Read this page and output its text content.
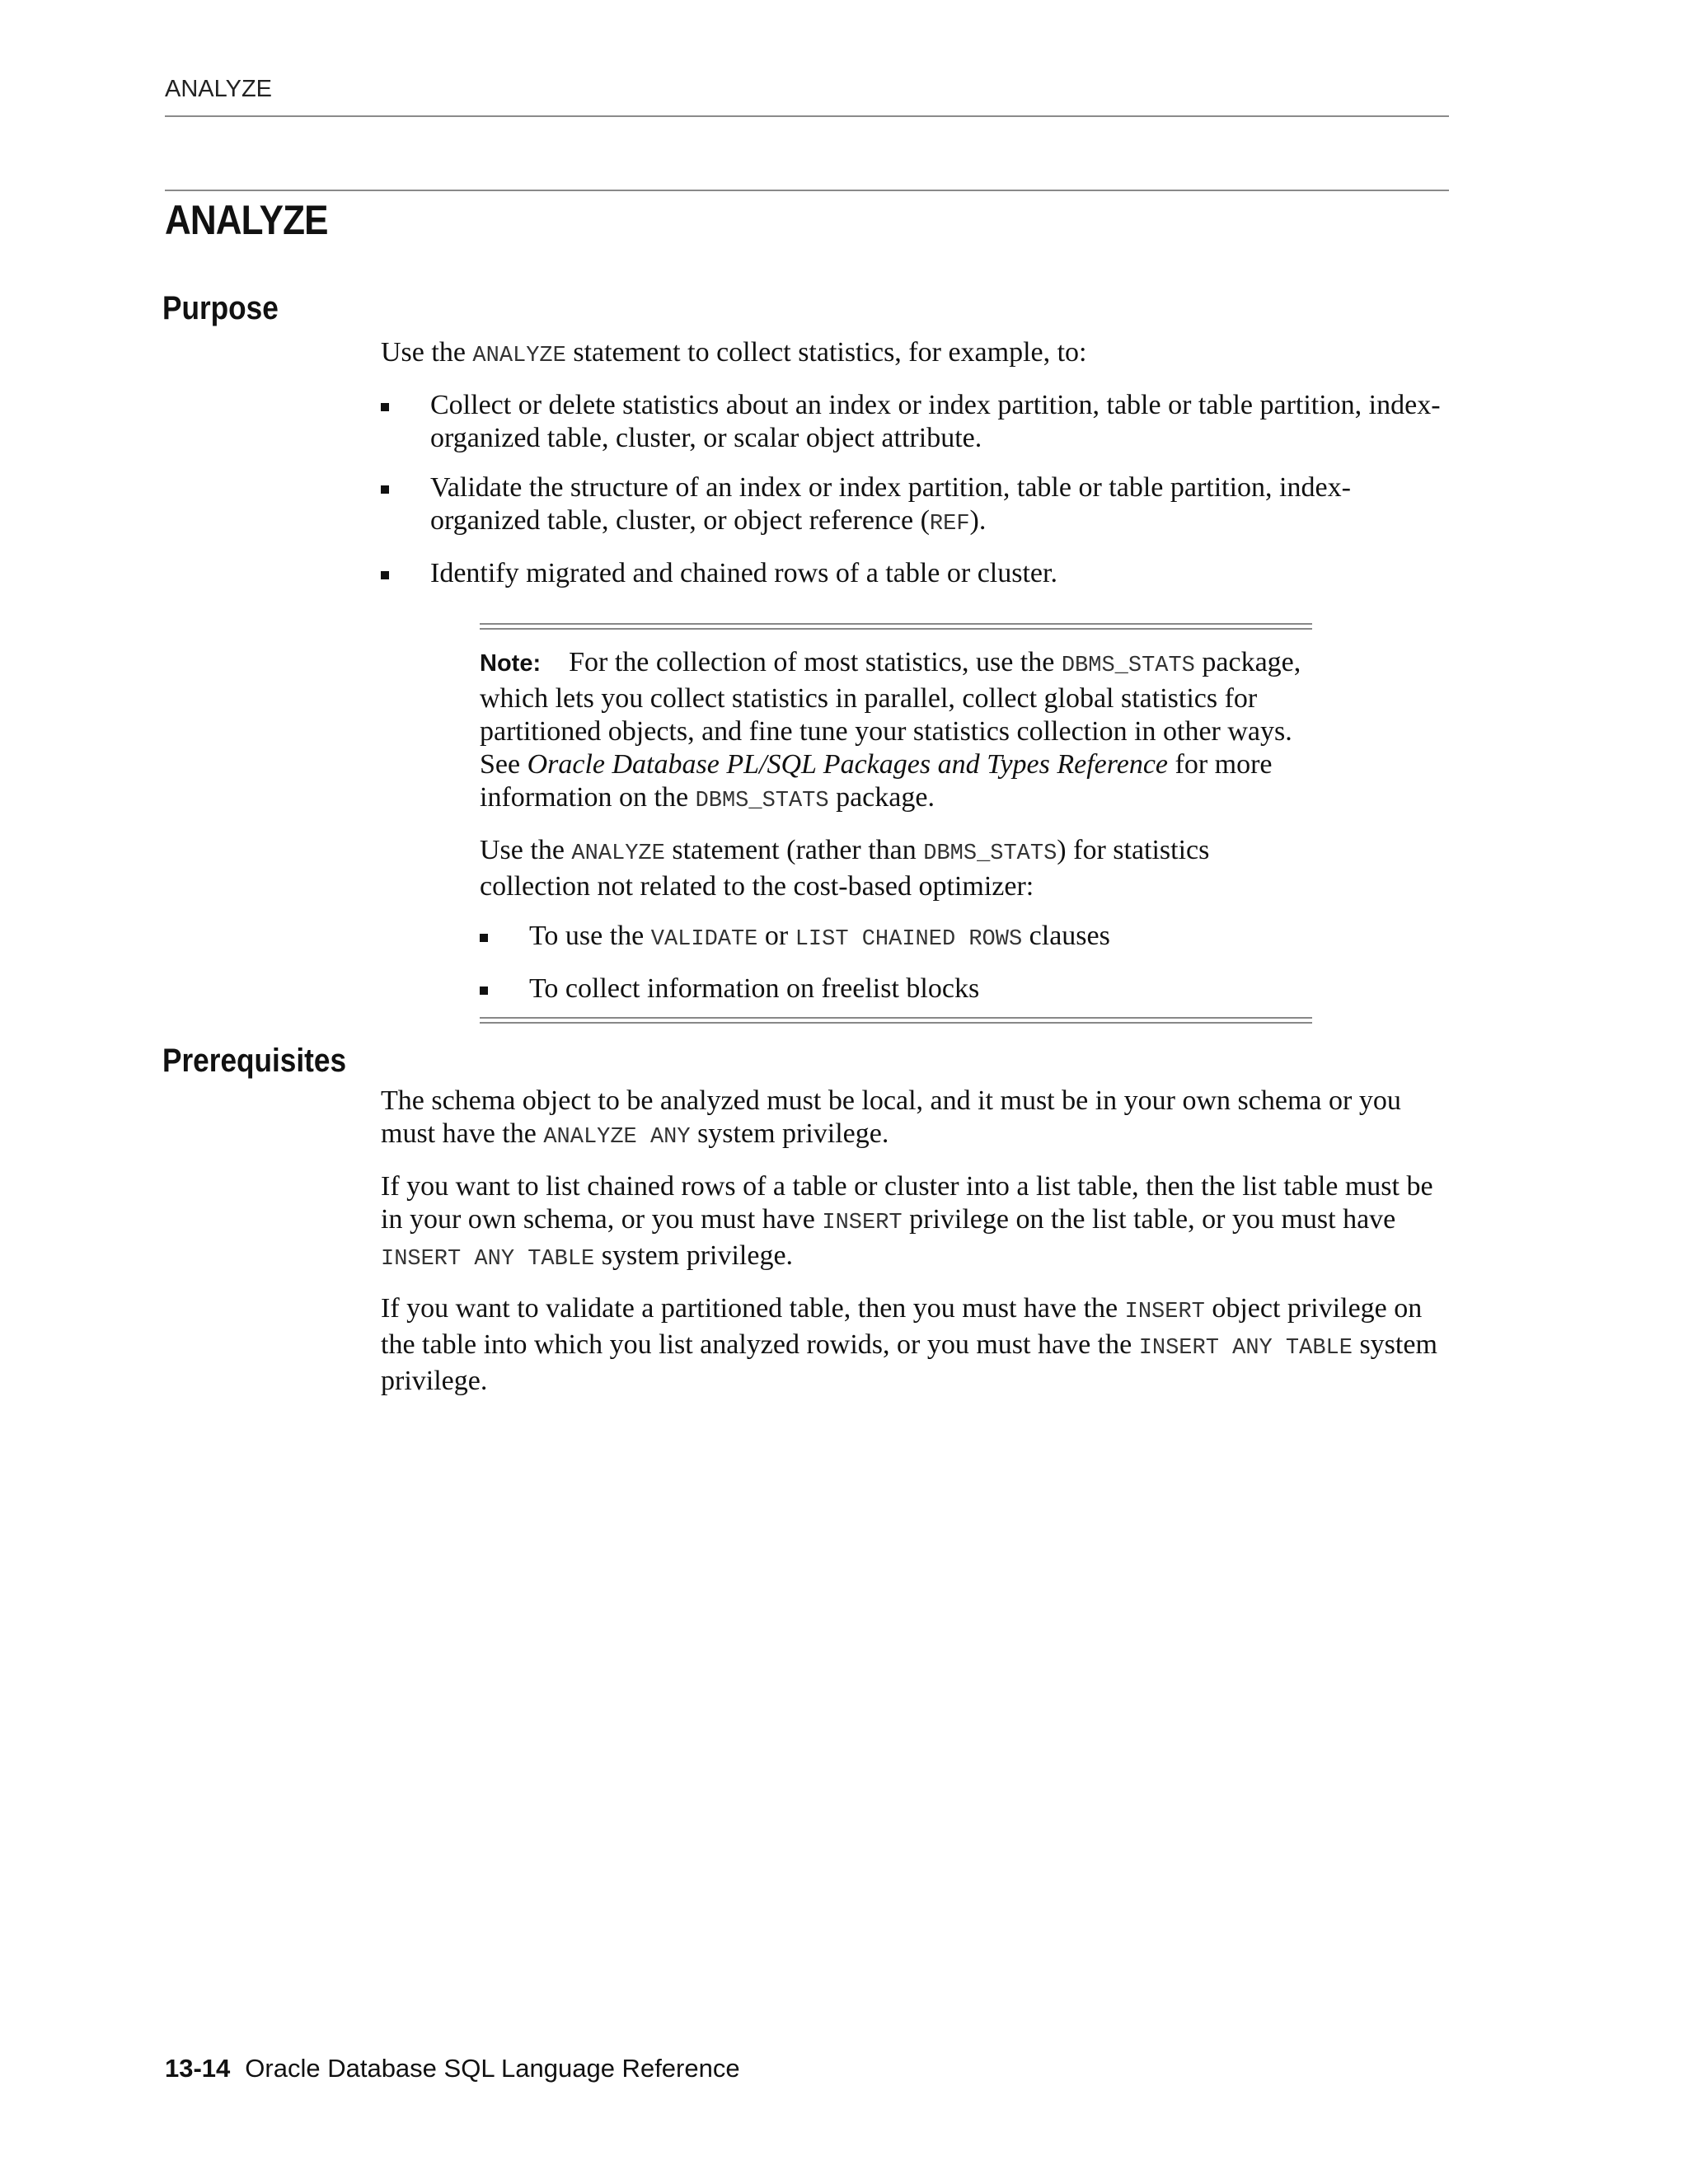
ANALYZE
ANALYZE
Purpose

Use the ANALYZE statement to collect statistics, for example, to:

Collect or delete statistics about an index or index partition, table or table partition, index-organized table, cluster, or scalar object attribute.
Validate the structure of an index or index partition, table or table partition, index-organized table, cluster, or object reference (REF).
Identify migrated and chained rows of a table or cluster.

Note: For the collection of most statistics, use the DBMS_STATS package, which lets you collect statistics in parallel, collect global statistics for partitioned objects, and fine tune your statistics collection in other ways. See Oracle Database PL/SQL Packages and Types Reference for more information on the DBMS_STATS package.

Use the ANALYZE statement (rather than DBMS_STATS) for statistics collection not related to the cost-based optimizer:

To use the VALIDATE or LIST CHAINED ROWS clauses
To collect information on freelist blocks
Prerequisites

The schema object to be analyzed must be local, and it must be in your own schema or you must have the ANALYZE ANY system privilege.

If you want to list chained rows of a table or cluster into a list table, then the list table must be in your own schema, or you must have INSERT privilege on the list table, or you must have INSERT ANY TABLE system privilege.

If you want to validate a partitioned table, then you must have the INSERT object privilege on the table into which you list analyzed rowids, or you must have the INSERT ANY TABLE system privilege.

13-14 Oracle Database SQL Language Reference
